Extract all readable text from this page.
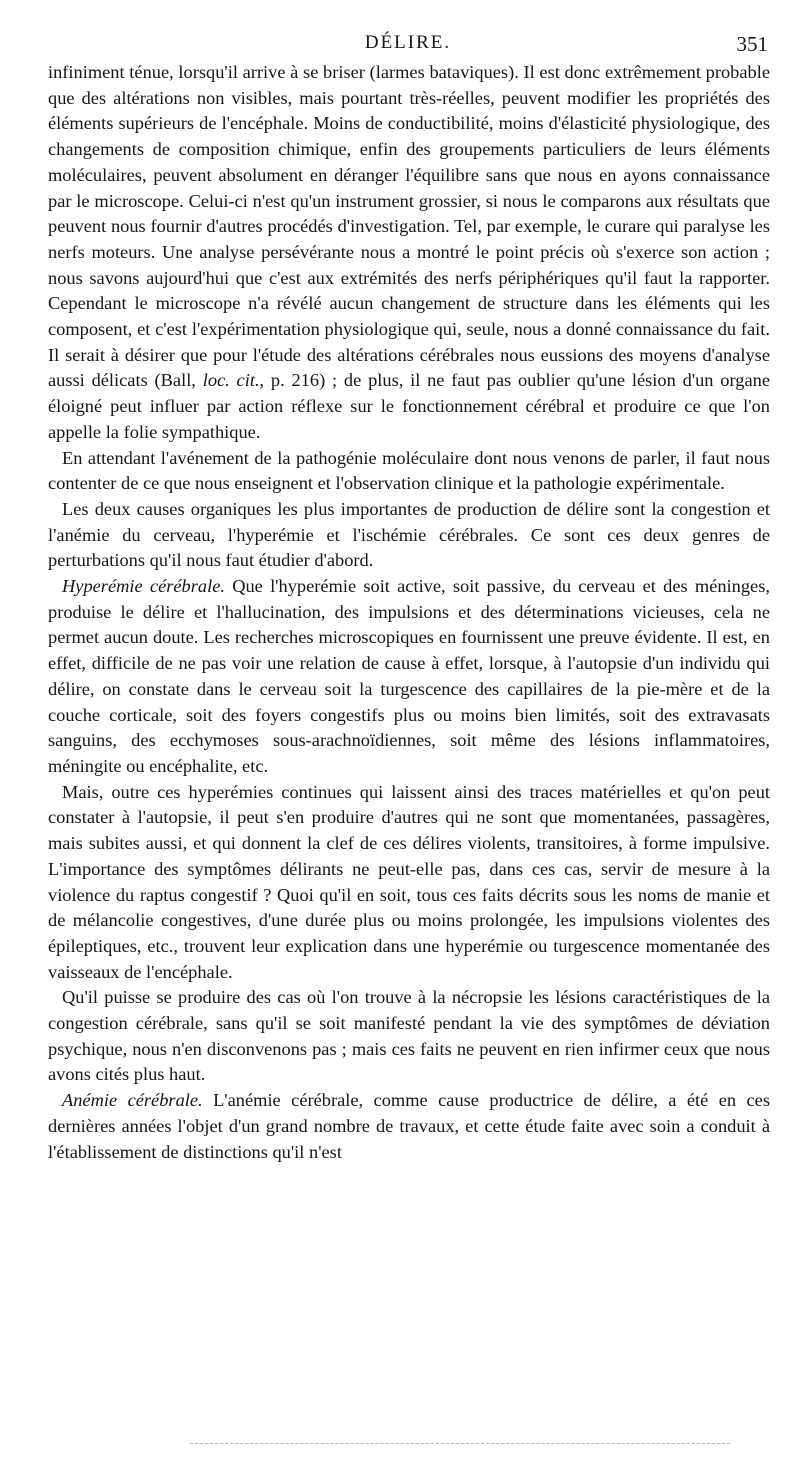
DÉLIRE.	351

infiniment ténue, lorsqu'il arrive à se briser (larmes bataviques). Il est donc extrêmement probable que des altérations non visibles, mais pourtant très-réelles, peuvent modifier les propriétés des éléments supérieurs de l'encéphale. Moins de conductibilité, moins d'élasticité physiologique, des changements de composition chimique, enfin des groupements particuliers de leurs éléments moléculaires, peuvent absolument en déranger l'équilibre sans que nous en ayons connaissance par le microscope. Celui-ci n'est qu'un instrument grossier, si nous le comparons aux résultats que peuvent nous fournir d'autres procédés d'investigation. Tel, par exemple, le curare qui paralyse les nerfs moteurs. Une analyse persévérante nous a montré le point précis où s'exerce son action ; nous savons aujourd'hui que c'est aux extrémités des nerfs périphériques qu'il faut la rapporter. Cependant le microscope n'a révélé aucun changement de structure dans les éléments qui les composent, et c'est l'expérimentation physiologique qui, seule, nous a donné connaissance du fait. Il serait à désirer que pour l'étude des altérations cérébrales nous eussions des moyens d'analyse aussi délicats (Ball, loc. cit., p. 216) ; de plus, il ne faut pas oublier qu'une lésion d'un organe éloigné peut influer par action réflexe sur le fonctionnement cérébral et produire ce que l'on appelle la folie sympathique.

En attendant l'avénement de la pathogénie moléculaire dont nous venons de parler, il faut nous contenter de ce que nous enseignent et l'observation clinique et la pathologie expérimentale.

Les deux causes organiques les plus importantes de production de délire sont la congestion et l'anémie du cerveau, l'hyperémie et l'ischémie cérébrales. Ce sont ces deux genres de perturbations qu'il nous faut étudier d'abord.

Hyperémie cérébrale. Que l'hyperémie soit active, soit passive, du cerveau et des méninges, produise le délire et l'hallucination, des impulsions et des déterminations vicieuses, cela ne permet aucun doute. Les recherches microscopiques en fournissent une preuve évidente. Il est, en effet, difficile de ne pas voir une relation de cause à effet, lorsque, à l'autopsie d'un individu qui délire, on constate dans le cerveau soit la turgescence des capillaires de la pie-mère et de la couche corticale, soit des foyers congestifs plus ou moins bien limités, soit des extravasats sanguins, des ecchymoses sous-arachnoïdiennes, soit même des lésions inflammatoires, méningite ou encéphalite, etc.

Mais, outre ces hyperémies continues qui laissent ainsi des traces matérielles et qu'on peut constater à l'autopsie, il peut s'en produire d'autres qui ne sont que momentanées, passagères, mais subites aussi, et qui donnent la clef de ces délires violents, transitoires, à forme impulsive. L'importance des symptômes délirants ne peut-elle pas, dans ces cas, servir de mesure à la violence du raptus congestif ? Quoi qu'il en soit, tous ces faits décrits sous les noms de manie et de mélancolie congestives, d'une durée plus ou moins prolongée, les impulsions violentes des épileptiques, etc., trouvent leur explication dans une hyperémie ou turgescence momentanée des vaisseaux de l'encéphale.

Qu'il puisse se produire des cas où l'on trouve à la nécropsie les lésions caractéristiques de la congestion cérébrale, sans qu'il se soit manifesté pendant la vie des symptômes de déviation psychique, nous n'en disconvenons pas ; mais ces faits ne peuvent en rien infirmer ceux que nous avons cités plus haut.

Anémie cérébrale. L'anémie cérébrale, comme cause productrice de délire, a été en ces dernières années l'objet d'un grand nombre de travaux, et cette étude faite avec soin a conduit à l'établissement de distinctions qu'il n'est
